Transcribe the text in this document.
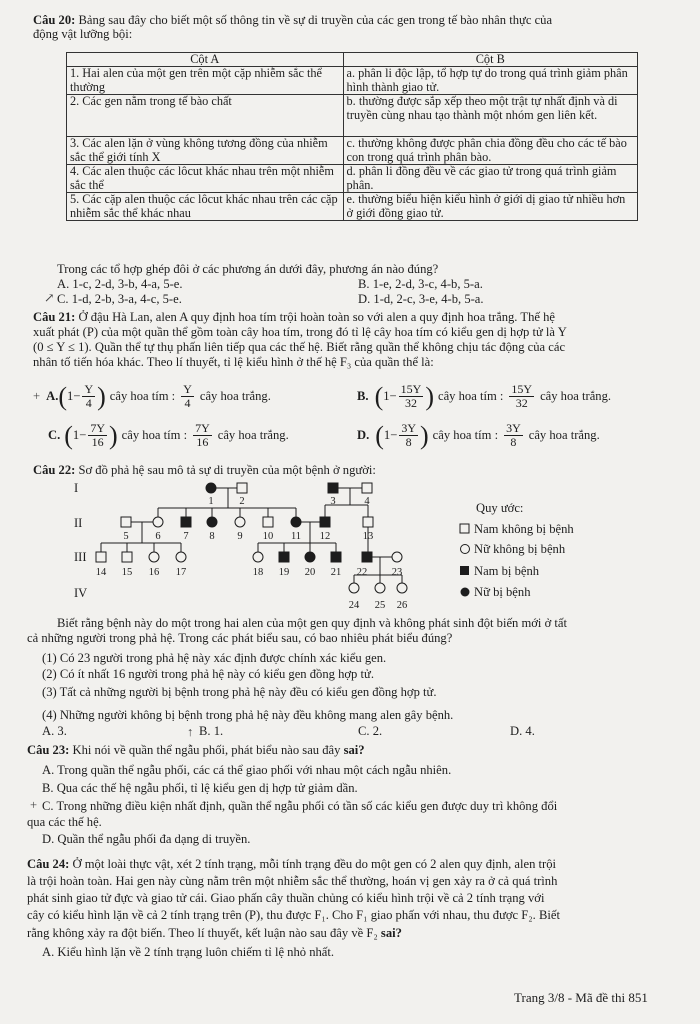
Câu 20: Bảng sau đây cho biết một số thông tin về sự di truyền của các gen trong tế bào nhân thực của
động vật lưỡng bội:
Cột A	Cột B
1. Hai alen của một gen trên một cặp nhiễm sắc thể thường	a. phân li độc lập, tổ hợp tự do trong quá trình giảm phân hình thành giao tử.
2. Các gen nằm trong tế bào chất	b. thường được sắp xếp theo một trật tự nhất định và di truyền cùng nhau tạo thành một nhóm gen liên kết.
3. Các alen lặn ở vùng không tương đồng của nhiễm sắc thể giới tính X	c. thường không được phân chia đồng đều cho các tế bào con trong quá trình phân bào.
4. Các alen thuộc các lôcut khác nhau trên một nhiễm sắc thể	d. phân li đồng đều về các giao tử trong quá trình giảm phân.
5. Các cặp alen thuộc các lôcut khác nhau trên các cặp nhiễm sắc thể khác nhau	e. thường biểu hiện kiểu hình ở giới dị giao tử nhiều hơn ở giới đồng giao tử.
Trong các tổ hợp ghép đôi ở các phương án dưới đây, phương án nào đúng?
A. 1-c, 2-d, 3-b, 4-a, 5-e.	B. 1-e, 2-d, 3-c, 4-b, 5-a.
↗ C. 1-d, 2-b, 3-a, 4-c, 5-e.	D. 1-d, 2-c, 3-e, 4-b, 5-a.
Câu 21: Ở đậu Hà Lan, alen A quy định hoa tím trội hoàn toàn so với alen a quy định hoa trắng. Thế hệ
xuất phát (P) của một quần thể gồm toàn cây hoa tím, trong đó tỉ lệ cây hoa tím có kiểu gen dị hợp tử là Y
(0 ≤ Y ≤ 1). Quần thể tự thụ phấn liên tiếp qua các thế hệ. Biết rằng quần thể không chịu tác động của các
nhân tố tiến hóa khác. Theo lí thuyết, tỉ lệ kiểu hình ở thế hệ F₃ của quần thể là:
+ A. ( $1- \frac{Y}{4}$ ) cây hoa tím : $\frac{Y}{4}$ cây hoa trắng.	B. ( $1- \frac{15Y}{32}$ ) cây hoa tím : $\frac{15Y}{32}$ cây hoa trắng.
C. ( $1- \frac{7Y}{16}$ ) cây hoa tím : $\frac{7Y}{16}$ cây hoa trắng.	D. ( $1- \frac{3Y}{8}$ ) cây hoa tím : $\frac{3Y}{8}$ cây hoa trắng.
Câu 22: Sơ đồ phả hệ sau mô tả sự di truyền của một bệnh ở người:
I
II
III
IV
1 2	3	4
5	6 7 8 9 10 11 12	13
14 15 16 17	18 19 20 21 22 23
24 25 26
Quy ước:
Nam không bị bệnh
Nữ không bị bệnh
Nam bị bệnh
Nữ bị bệnh
Biết rằng bệnh này do một trong hai alen của một gen quy định và không phát sinh đột biến mới ở tất
cả những người trong phả hệ. Trong các phát biểu sau, có bao nhiêu phát biểu đúng?
(1) Có 23 người trong phả hệ này xác định được chính xác kiểu gen.
(2) Có ít nhất 16 người trong phả hệ này có kiểu gen đồng hợp tử.
(3) Tất cả những người bị bệnh trong phả hệ này đều có kiểu gen đồng hợp tử.
(4) Những người không bị bệnh trong phả hệ này đều không mang alen gây bệnh.
A. 3.	↑ B. 1.	C. 2.	D. 4.
Câu 23: Khi nói về quần thể ngẫu phối, phát biểu nào sau đây sai?
A. Trong quần thể ngẫu phối, các cá thể giao phối với nhau một cách ngẫu nhiên.
B. Qua các thế hệ ngẫu phối, tỉ lệ kiểu gen dị hợp tử giảm dần.
+ C. Trong những điều kiện nhất định, quần thể ngẫu phối có tần số các kiểu gen được duy trì không đổi
qua các thế hệ.
D. Quần thể ngẫu phối đa dạng di truyền.
Câu 24: Ở một loài thực vật, xét 2 tính trạng, mỗi tính trạng đều do một gen có 2 alen quy định, alen trội
là trội hoàn toàn. Hai gen này cùng nằm trên một nhiễm sắc thể thường, hoán vị gen xảy ra ở cả quá trình
phát sinh giao tử đực và giao tử cái. Giao phấn cây thuần chủng có kiểu hình trội về cả 2 tính trạng với
cây có kiểu hình lặn về cả 2 tính trạng trên (P), thu được F₁. Cho F₁ giao phấn với nhau, thu được F₂. Biết
rằng không xảy ra đột biến. Theo lí thuyết, kết luận nào sau đây về F₂ sai?
A. Kiểu hình lặn về 2 tính trạng luôn chiếm tỉ lệ nhỏ nhất.
Trang 3/8 - Mã đề thi 851
